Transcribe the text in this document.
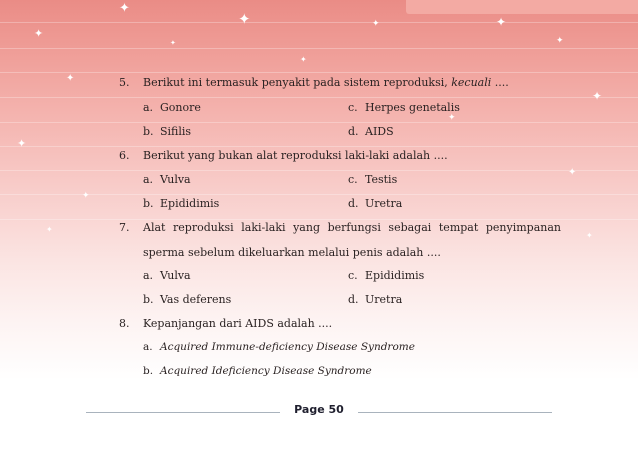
✦
✦
✦
✦	✦
✦
✦
✦
✦
✦
✦
✦
✦
✦
✦
✦
5. Berikut ini termasuk penyakit pada sistem reproduksi, kecuali ....
a. Gonore	c. Herpes genetalis
b. Sifilis	d. AIDS
6. Berikut yang bukan alat reproduksi laki-laki adalah ....
a. Vulva	c. Testis
b. Epididimis	d. Uretra
7. Alat reproduksi laki-laki yang berfungsi sebagai tempat penyimpanan sperma sebelum dikeluarkan melalui penis adalah ....
a. Vulva	c. Epididimis
b. Vas deferens	d. Uretra
8. Kepanjangan dari AIDS adalah ....
a. Acquired Immune-deficiency Disease Syndrome
b. Acquired Ideficiency Disease Syndrome
Page 50
